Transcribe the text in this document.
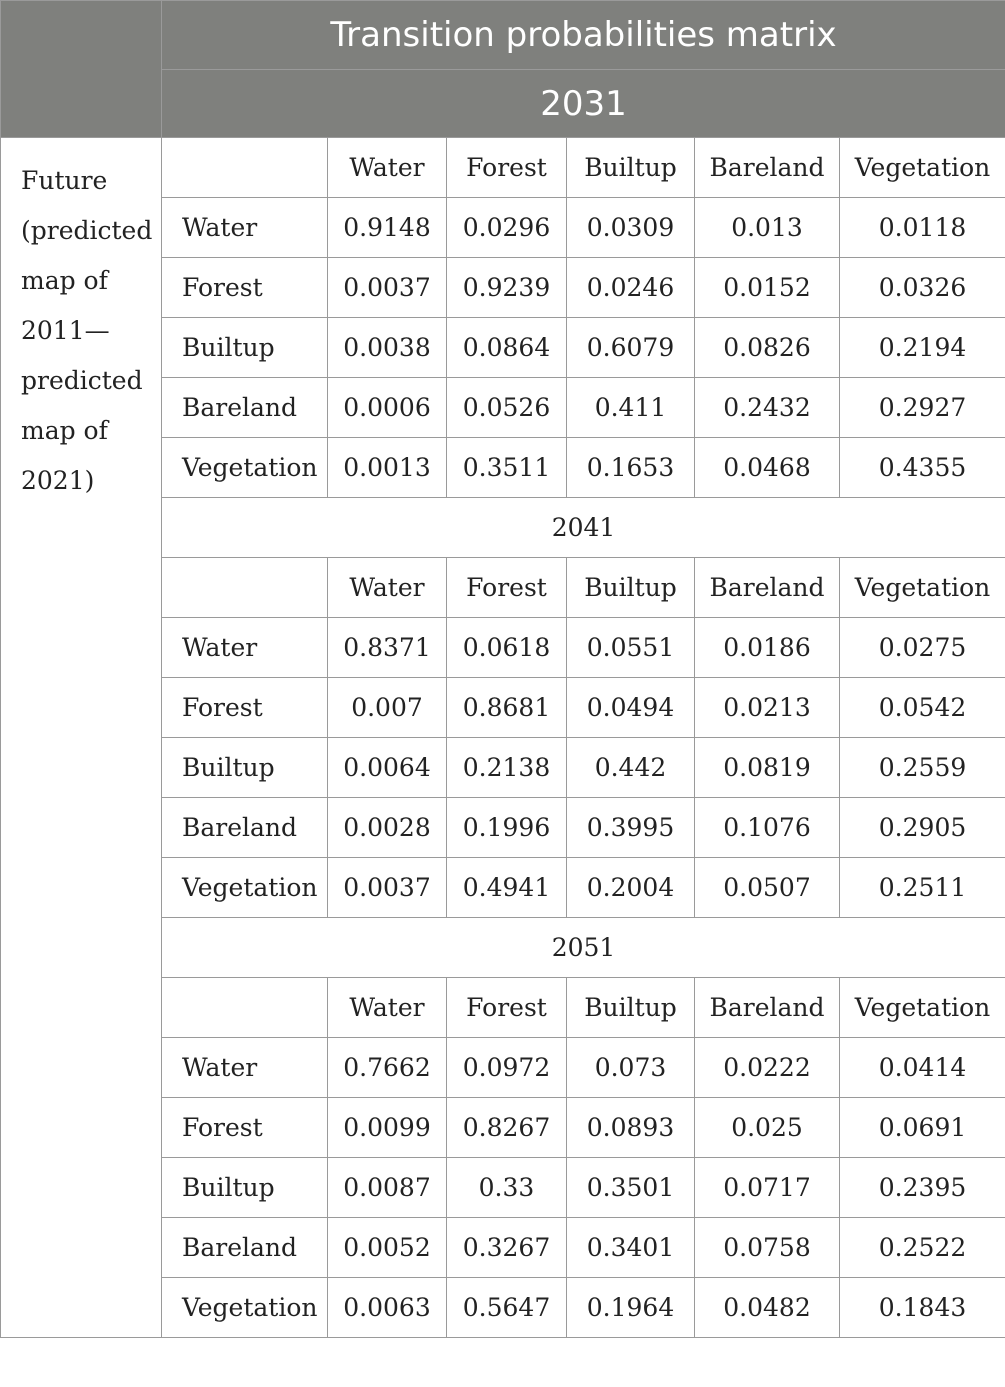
	Transition probabilities matrix					
	2031					
Future (predicted map of 2011— predicted map of 2021)		Water	Forest	Builtup	Bareland	Vegetation
	Water	0.9148	0.0296	0.0309	0.013	0.0118
	Forest	0.0037	0.9239	0.0246	0.0152	0.0326
	Builtup	0.0038	0.0864	0.6079	0.0826	0.2194
	Bareland	0.0006	0.0526	0.411	0.2432	0.2927
	Vegetation	0.0013	0.3511	0.1653	0.0468	0.4355
	2041					
		Water	Forest	Builtup	Bareland	Vegetation
	Water	0.8371	0.0618	0.0551	0.0186	0.0275
	Forest	0.007	0.8681	0.0494	0.0213	0.0542
	Builtup	0.0064	0.2138	0.442	0.0819	0.2559
	Bareland	0.0028	0.1996	0.3995	0.1076	0.2905
	Vegetation	0.0037	0.4941	0.2004	0.0507	0.2511
	2051					
		Water	Forest	Builtup	Bareland	Vegetation
	Water	0.7662	0.0972	0.073	0.0222	0.0414
	Forest	0.0099	0.8267	0.0893	0.025	0.0691
	Builtup	0.0087	0.33	0.3501	0.0717	0.2395
	Bareland	0.0052	0.3267	0.3401	0.0758	0.2522
	Vegetation	0.0063	0.5647	0.1964	0.0482	0.1843
